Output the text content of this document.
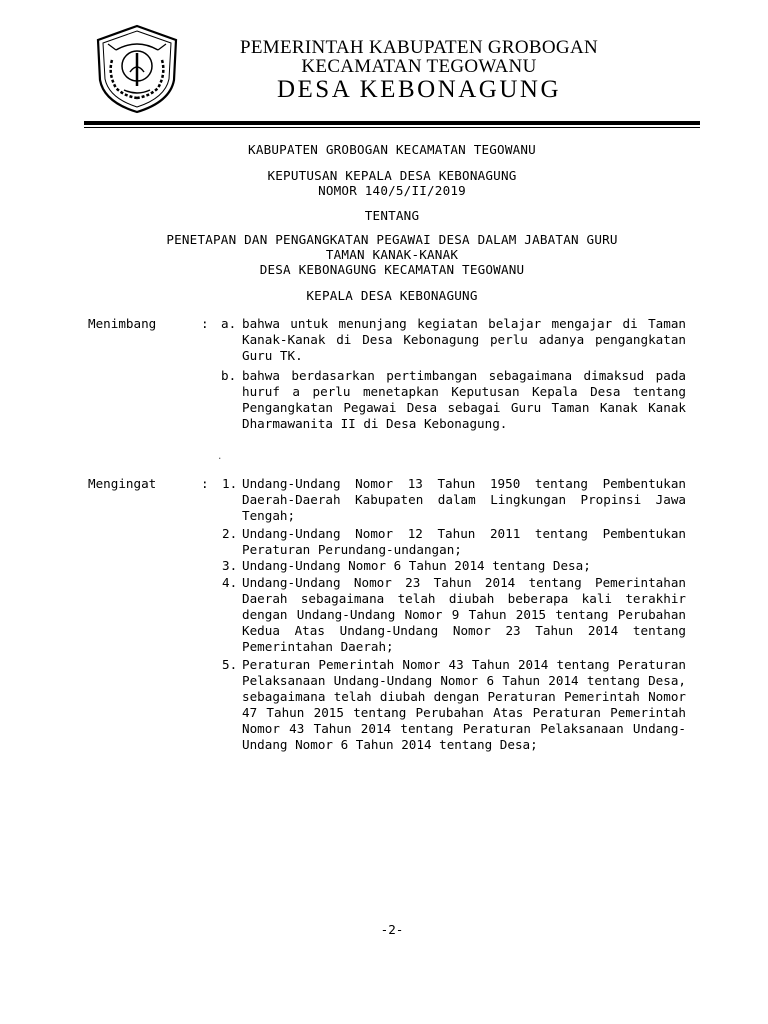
PEMERINTAH KABUPATEN GROBOGAN
KECAMATAN TEGOWANU
DESA KEBONAGUNG
KABUPATEN GROBOGAN KECAMATAN TEGOWANU
KEPUTUSAN KEPALA DESA KEBONAGUNG
NOMOR 140/5/II/2019
TENTANG
PENETAPAN DAN PENGANGKATAN PEGAWAI DESA DALAM JABATAN GURU
TAMAN KANAK-KANAK
DESA KEBONAGUNG KECAMATAN TEGOWANU
KEPALA DESA KEBONAGUNG
Menimbang	: a. bahwa untuk menunjang kegiatan belajar mengajar di Taman Kanak-Kanak di Desa Kebonagung perlu adanya pengangkatan Guru TK.
b. bahwa berdasarkan pertimbangan sebagaimana dimaksud pada huruf a perlu menetapkan Keputusan Kepala Desa tentang Pengangkatan Pegawai Desa sebagai Guru Taman Kanak Kanak Dharmawanita II di Desa Kebonagung.
.
Mengingat	: 1. Undang-Undang Nomor 13 Tahun 1950 tentang Pembentukan Daerah-Daerah Kabupaten dalam Lingkungan Propinsi Jawa Tengah;
2. Undang-Undang Nomor 12 Tahun 2011 tentang Pembentukan Peraturan Perundang-undangan;
3. Undang-Undang Nomor 6 Tahun 2014 tentang Desa;
4. Undang-Undang Nomor 23 Tahun 2014 tentang Pemerintahan Daerah sebagaimana telah diubah beberapa kali terakhir dengan Undang-Undang Nomor 9 Tahun 2015 tentang Perubahan Kedua Atas Undang-Undang Nomor 23 Tahun 2014 tentang Pemerintahan Daerah;
5. Peraturan Pemerintah Nomor 43 Tahun 2014 tentang Peraturan Pelaksanaan Undang-Undang Nomor 6 Tahun 2014 tentang Desa, sebagaimana telah diubah dengan Peraturan Pemerintah Nomor 47 Tahun 2015 tentang Perubahan Atas Peraturan Pemerintah Nomor 43 Tahun 2014 tentang Peraturan Pelaksanaan Undang-Undang Nomor 6 Tahun 2014 tentang Desa;
-2-
